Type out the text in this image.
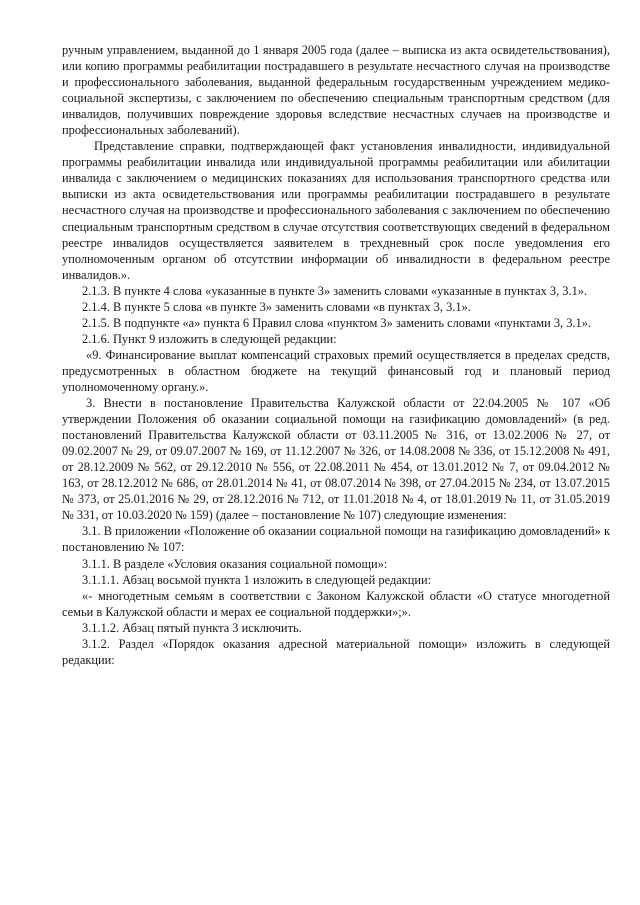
ручным управлением, выданной до 1 января 2005 года (далее – выписка из акта освидетельствования), или копию программы реабилитации пострадавшего в результате несчастного случая на производстве и профессионального заболевания, выданной федеральным государственным учреждением медико-социальной экспертизы, с заключением по обеспечению специальным транспортным средством (для инвалидов, получивших повреждение здоровья вследствие несчастных случаев на производстве и профессиональных заболеваний).

Представление справки, подтверждающей факт установления инвалидности, индивидуальной программы реабилитации инвалида или индивидуальной программы реабилитации или абилитации инвалида с заключением о медицинских показаниях для использования транспортного средства или выписки из акта освидетельствования или программы реабилитации пострадавшего в результате несчастного случая на производстве и профессионального заболевания с заключением по обеспечению специальным транспортным средством в случае отсутствия соответствующих сведений в федеральном реестре инвалидов осуществляется заявителем в трехдневный срок после уведомления его уполномоченным органом об отсутствии информации об инвалидности в федеральном реестре инвалидов.».

2.1.3. В пункте 4 слова «указанные в пункте 3» заменить словами «указанные в пунктах 3, 3.1».

2.1.4. В пункте 5 слова «в пункте 3» заменить словами «в пунктах 3, 3.1».

2.1.5. В подпункте «а» пункта 6 Правил слова «пунктом 3» заменить словами «пунктами 3, 3.1».

2.1.6. Пункт 9 изложить в следующей редакции:

«9. Финансирование выплат компенсаций страховых премий осуществляется в пределах средств, предусмотренных в областном бюджете на текущий финансовый год и плановый период уполномоченному органу.».

3. Внести в постановление Правительства Калужской области от 22.04.2005 № 107 «Об утверждении Положения об оказании социальной помощи на газификацию домовладений» (в ред. постановлений Правительства Калужской области от 03.11.2005 № 316, от 13.02.2006 № 27, от 09.02.2007 № 29, от 09.07.2007 № 169, от 11.12.2007 № 326, от 14.08.2008 № 336, от 15.12.2008 № 491, от 28.12.2009 № 562, от 29.12.2010 № 556, от 22.08.2011 № 454, от 13.01.2012 № 7, от 09.04.2012 № 163, от 28.12.2012 № 686, от 28.01.2014 № 41, от 08.07.2014 № 398, от 27.04.2015 № 234, от 13.07.2015 № 373, от 25.01.2016 № 29, от 28.12.2016 № 712, от 11.01.2018 № 4, от 18.01.2019 № 11, от 31.05.2019 № 331, от 10.03.2020 № 159) (далее – постановление № 107) следующие изменения:

3.1. В приложении «Положение об оказании социальной помощи на газификацию домовладений» к постановлению № 107:

3.1.1. В разделе «Условия оказания социальной помощи»:

3.1.1.1. Абзац восьмой пункта 1 изложить в следующей редакции:

«- многодетным семьям в соответствии с Законом Калужской области «О статусе многодетной семьи в Калужской области и мерах ее социальной поддержки»;».

3.1.1.2. Абзац пятый пункта 3 исключить.

3.1.2. Раздел «Порядок оказания адресной материальной помощи» изложить в следующей редакции:
